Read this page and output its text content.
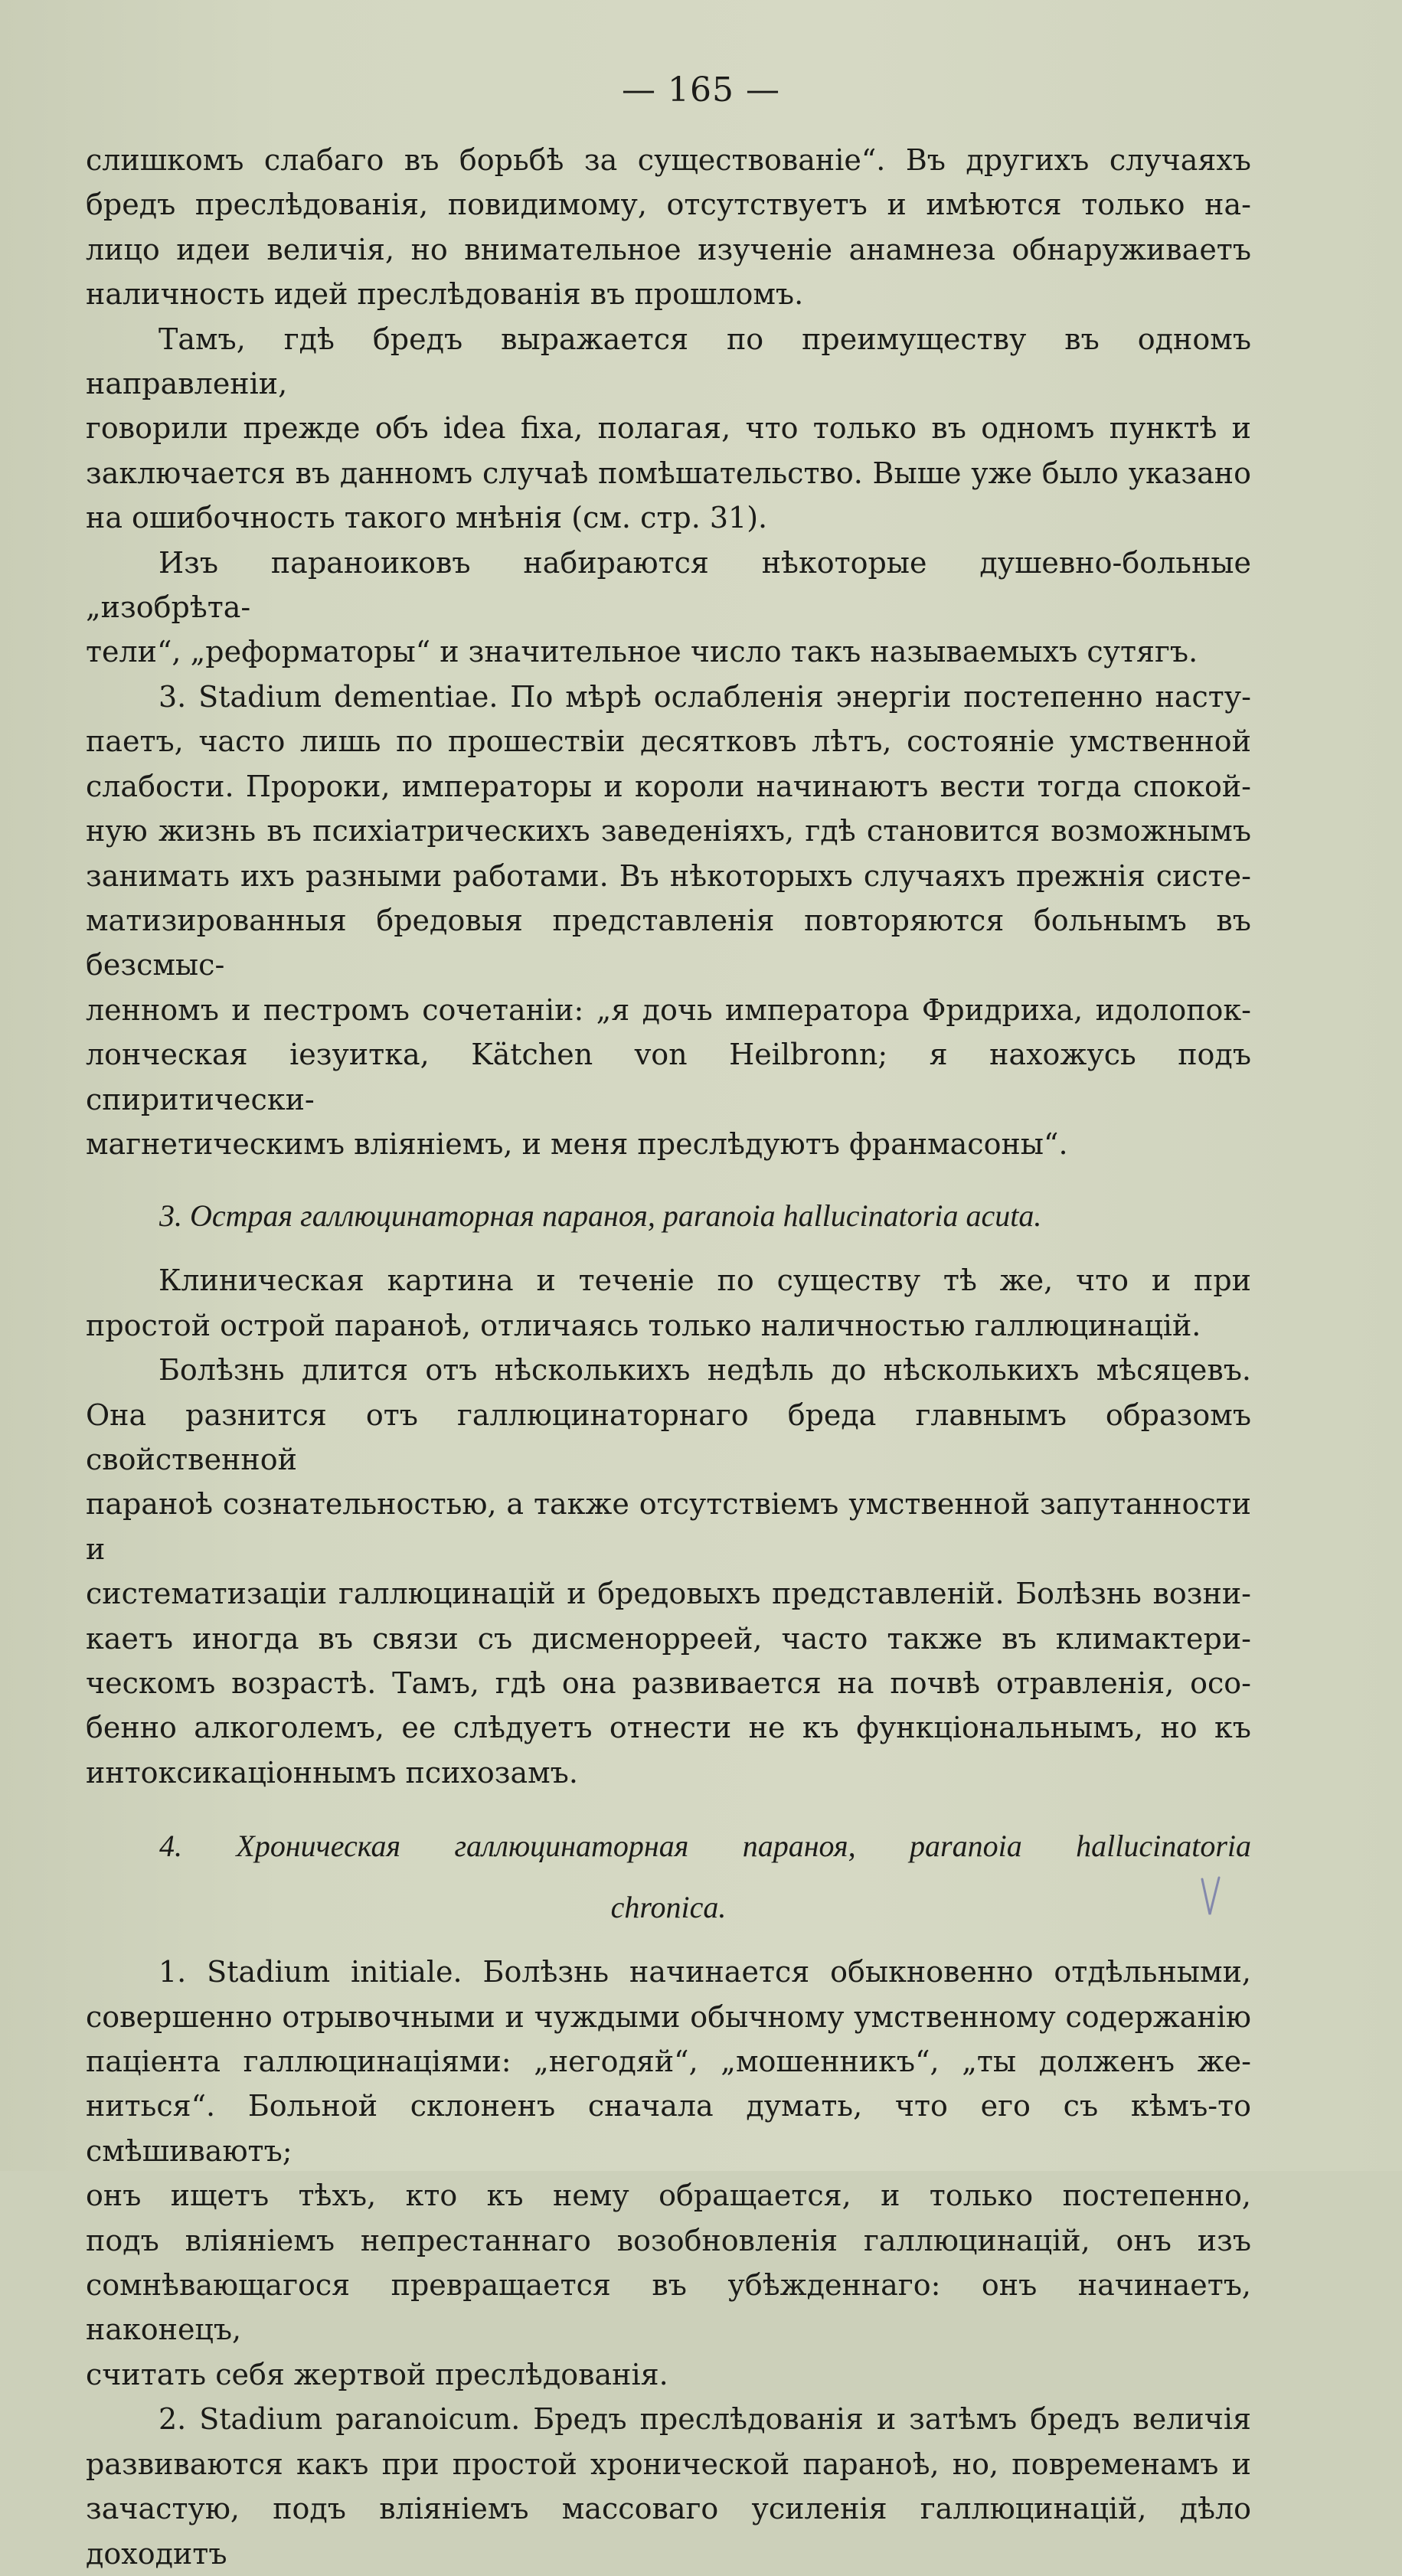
— 165 —

слишкомъ слабаго въ борьбѣ за существованіе“. Въ другихъ случаяхъ

бредъ преслѣдованія, повидимому, отсутствуетъ и имѣются только на-

лицо идеи величія, но внимательное изученіе анамнеза обнаруживаетъ

наличность идей преслѣдованія въ прошломъ.

Тамъ, гдѣ бредъ выражается по преимуществу въ одномъ направленіи,

говорили прежде объ idea fixa, полагая, что только въ одномъ пунктѣ и

заключается въ данномъ случаѣ помѣшательство. Выше уже было указано

на ошибочность такого мнѣнія (см. стр. 31).

Изъ параноиковъ набираются нѣкоторые душевно-больные „изобрѣта-

тели“, „реформаторы“ и значительное число такъ называемыхъ сутягъ.

3. Stadium dementiae. По мѣрѣ ослабленія энергіи постепенно насту-

паетъ, часто лишь по прошествіи десятковъ лѣтъ, состояніе умственной

слабости. Пророки, императоры и короли начинаютъ вести тогда спокой-

ную жизнь въ психіатрическихъ заведеніяхъ, гдѣ становится возможнымъ

занимать ихъ разными работами. Въ нѣкоторыхъ случаяхъ прежнія систе-

матизированныя бредовыя представленія повторяются больнымъ въ безсмыс-

ленномъ и пестромъ сочетаніи: „я дочь императора Фридриха, идолопок-

лонческая іезуитка, Kätchen von Heilbronn; я нахожусь подъ спиритически-

магнетическимъ вліяніемъ, и меня преслѣдуютъ франмасоны“.

3. Острая галлюцинаторная параноя, paranoia hallucinatoria acuta.

Клиническая картина и теченіе по существу тѣ же, что и при

простой острой паранoѣ, отличаясь только наличностью галлюцинацій.

Болѣзнь длится отъ нѣсколькихъ недѣль до нѣсколькихъ мѣсяцевъ.

Она разнится отъ галлюцинаторнаго бреда главнымъ образомъ свойственной

паранoѣ сознательностью, а также отсутствіемъ умственной запутанности и

систематизаціи галлюцинацій и бредовыхъ представленій. Болѣзнь возни-

каетъ иногда въ связи съ дисменорреей, часто также въ климактери-

ческомъ возрастѣ. Тамъ, гдѣ она развивается на почвѣ отравленія, осо-

бенно алкоголемъ, ее слѣдуетъ отнести не къ функціональнымъ, но къ

интоксикаціоннымъ психозамъ.

4. Хроническая галлюцинаторная параноя, paranoia hallucinatoria
chronica.

1. Stadium initiale. Болѣзнь начинается обыкновенно отдѣльными,

совершенно отрывочными и чуждыми обычному умственному содержанію

паціента галлюцинаціями: „негодяй“, „мошенникъ“, „ты долженъ же-

ниться“. Больной склоненъ сначала думать, что его съ кѣмъ-то смѣшиваютъ;

онъ ищетъ тѣхъ, кто къ нему обращается, и только постепенно,

подъ вліяніемъ непрестаннаго возобновленія галлюцинацій, онъ изъ

сомнѣвающагося превращается въ убѣжденнаго: онъ начинаетъ, наконецъ,

считать себя жертвой преслѣдованія.

2. Stadium paranoicum. Бредъ преслѣдованія и затѣмъ бредъ величія

развиваются какъ при простой хронической паранoѣ, но, повременамъ и

зачастую, подъ вліяніемъ массоваго усиленія галлюцинацій, дѣло доходитъ
